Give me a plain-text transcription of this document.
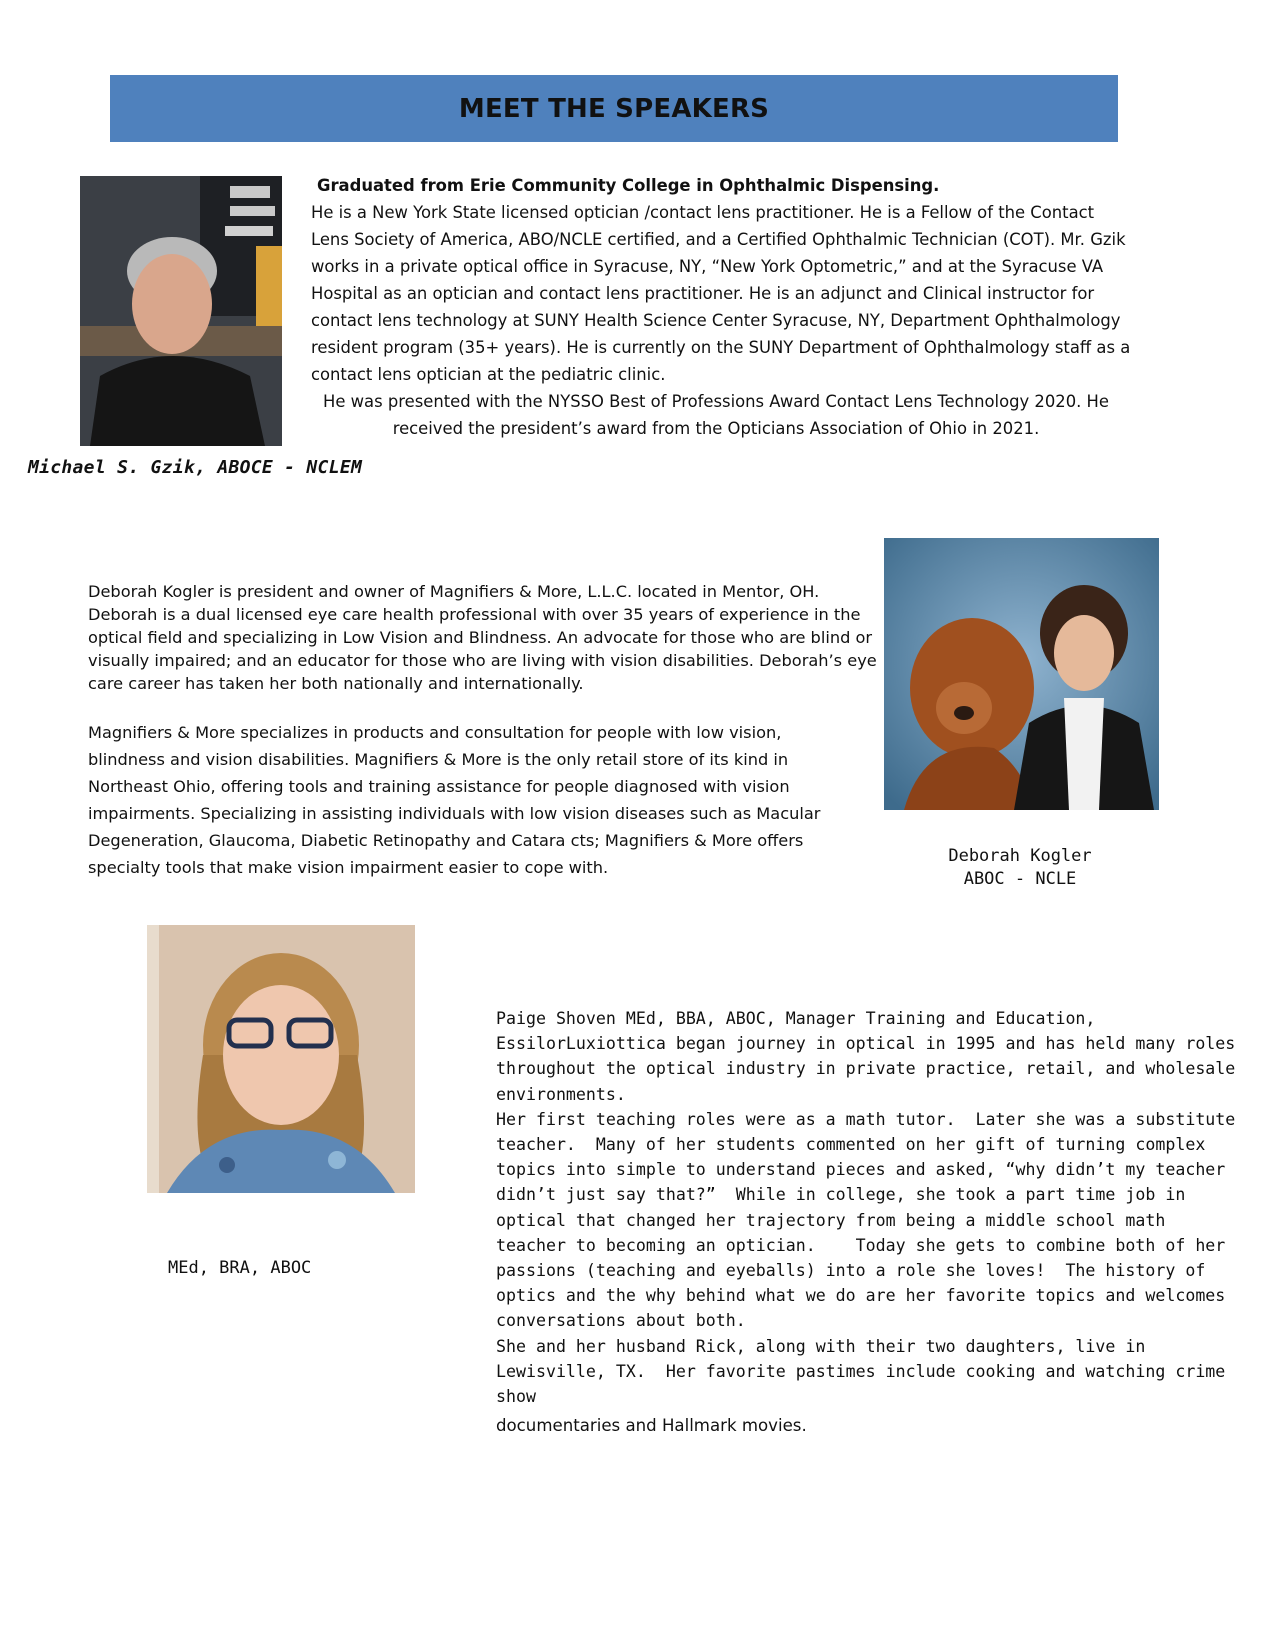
MEET THE SPEAKERS
Graduated from Erie Community College in Ophthalmic Dispensing.
He is a New York State licensed optician /contact lens practitioner. He is a Fellow of the Contact Lens Society of America, ABO/NCLE certified, and a Certified Ophthalmic Technician (COT). Mr. Gzik works in a private optical office in Syracuse, NY, “New York Optometric,” and at the Syracuse VA Hospital as an optician and contact lens practitioner. He is an adjunct and Clinical instructor for contact lens technology at SUNY Health Science Center Syracuse, NY, Department Ophthalmology resident program (35+ years). He is currently on the SUNY Department of Ophthalmology staff as a contact lens optician at the pediatric clinic.
He was presented with the NYSSO Best of Professions Award Contact Lens Technology 2020. He received the president’s award from the Opticians Association of Ohio in 2021.
Michael S. Gzik, ABOCE - NCLEM
Deborah Kogler is president and owner of Magnifiers & More, L.L.C. located in Mentor, OH. Deborah is a dual licensed eye care health professional with over 35 years of experience in the optical field and specializing in Low Vision and Blindness. An advocate for those who are blind or visually impaired; and an educator for those who are living with vision disabilities. Deborah’s eye care career has taken her both nationally and internationally.
Magnifiers & More specializes in products and consultation for people with low vision, blindness and vision disabilities. Magnifiers & More is the only retail store of its kind in Northeast Ohio, offering tools and training assistance for people diagnosed with vision impairments. Specializing in assisting individuals with low vision diseases such as Macular Degeneration, Glaucoma, Diabetic Retinopathy and Catara cts; Magnifiers & More offers specialty tools that make vision impairment easier to cope with.
Deborah Kogler
ABOC - NCLE
MEd, BRA, ABOC
Paige Shoven MEd, BBA, ABOC, Manager Training and Education, EssilorLuxiottica began journey in optical in 1995 and has held many roles throughout the optical industry in private practice, retail, and wholesale environments.
Her first teaching roles were as a math tutor.  Later she was a substitute teacher.  Many of her students commented on her gift of turning complex topics into simple to understand pieces and asked, “why didn’t my teacher didn’t just say that?”  While in college, she took a part time job in optical that changed her trajectory from being a middle school math teacher to becoming an optician.    Today she gets to combine both of her passions (teaching and eyeballs) into a role she loves!  The history of optics and the why behind what we do are her favorite topics and welcomes conversations about both.
She and her husband Rick, along with their two daughters, live in Lewisville, TX.  Her favorite pastimes include cooking and watching crime show
documentaries and Hallmark movies.
